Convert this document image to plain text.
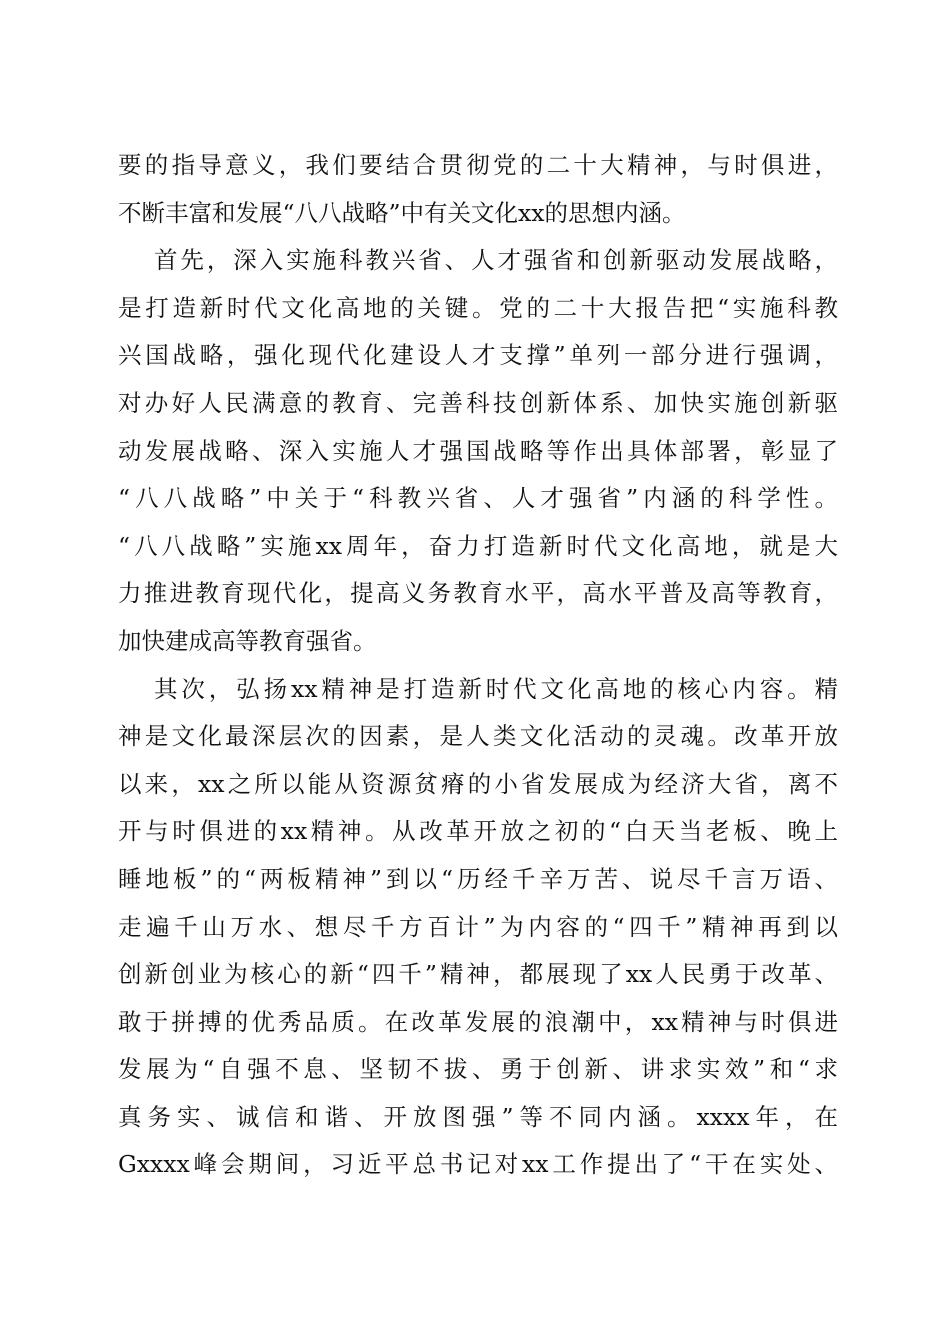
要的指导意义，我们要结合贯彻党的二十大精神，与时俱进，
不断丰富和发展“八八战略”中有关文化xx的思想内涵。
首先，深入实施科教兴省、人才强省和创新驱动发展战略，
是打造新时代文化高地的关键。党的二十大报告把“实施科教
兴国战略，强化现代化建设人才支撑”单列一部分进行强调，
对办好人民满意的教育、完善科技创新体系、加快实施创新驱
动发展战略、深入实施人才强国战略等作出具体部署，彰显了
“八八战略”中关于“科教兴省、人才强省”内涵的科学性。
“八八战略”实施xx周年，奋力打造新时代文化高地，就是大
力推进教育现代化，提高义务教育水平，高水平普及高等教育，
加快建成高等教育强省。
其次，弘扬xx精神是打造新时代文化高地的核心内容。精
神是文化最深层次的因素，是人类文化活动的灵魂。改革开放
以来，xx之所以能从资源贫瘠的小省发展成为经济大省，离不
开与时俱进的xx精神。从改革开放之初的“白天当老板、晚上
睡地板”的“两板精神”到以“历经千辛万苦、说尽千言万语、
走遍千山万水、想尽千方百计”为内容的“四千”精神再到以
创新创业为核心的新“四千”精神，都展现了xx人民勇于改革、
敢于拼搏的优秀品质。在改革发展的浪潮中，xx精神与时俱进
发展为“自强不息、坚韧不拔、勇于创新、讲求实效”和“求
真务实、诚信和谐、开放图强”等不同内涵。xxxx年，在
Gxxxx峰会期间，习近平总书记对xx工作提出了“干在实处、
